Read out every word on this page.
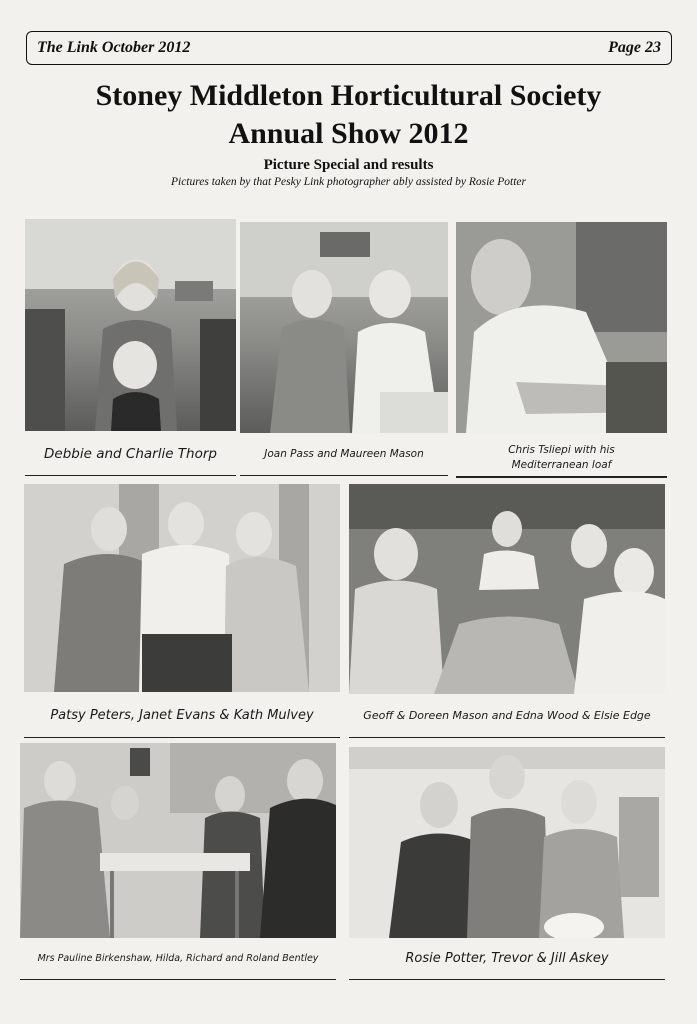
The Link October 2012	Page 23
Stoney Middleton Horticultural Society
Annual Show 2012
Picture Special and results
Pictures taken by that Pesky Link photographer ably assisted by Rosie Potter
Debbie and Charlie Thorp	Joan Pass and Maureen Mason	Chris Tsliepi with his
Mediterranean loaf
Patsy Peters, Janet Evans & Kath Mulvey	Geoff & Doreen Mason and Edna Wood & Elsie Edge
Mrs Pauline Birkenshaw, Hilda, Richard and Roland Bentley	Rosie Potter, Trevor & Jill Askey
